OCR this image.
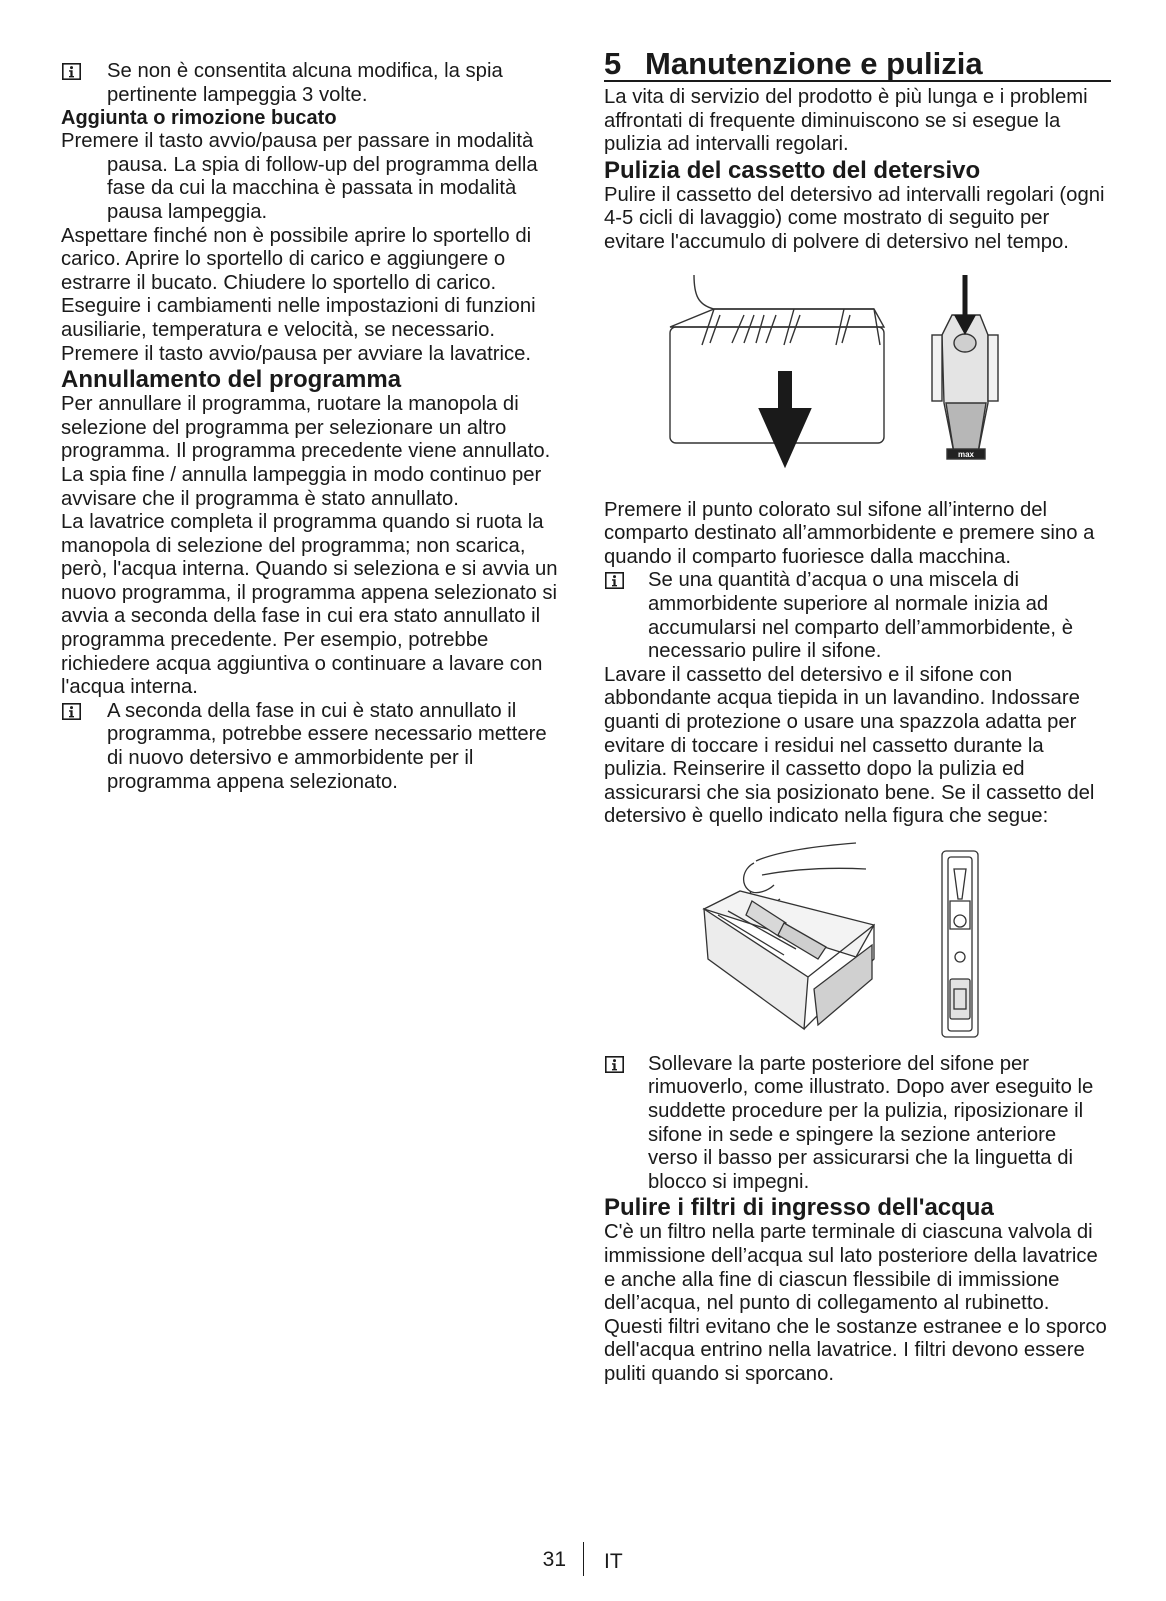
Se non è consentita alcuna modifica, la spia pertinente lampeggia 3 volte.
Aggiunta o rimozione bucato

Premere il tasto avvio/pausa per passare in modalità pausa. La spia di follow-up del programma della fase da cui la macchina è passata in modalità pausa lampeggia.

Aspettare finché non è possibile aprire lo sportello di carico. Aprire lo sportello di carico e aggiungere o estrarre il bucato. Chiudere lo sportello di carico. Eseguire i cambiamenti nelle impostazioni di funzioni ausiliarie, temperatura e velocità, se necessario. Premere il tasto avvio/pausa per avviare la lavatrice.

Annullamento del programma

Per annullare il programma, ruotare la manopola di selezione del programma per selezionare un altro programma. Il programma precedente viene annullato. La spia fine / annulla lampeggia in modo continuo per avvisare che il programma è stato annullato.

La lavatrice completa il programma quando si ruota la manopola di selezione del programma; non scarica, però, l'acqua interna. Quando si seleziona e si avvia un nuovo programma, il programma appena selezionato si avvia a seconda della fase in cui era stato annullato il programma precedente. Per esempio, potrebbe richiedere acqua aggiuntiva o continuare a lavare con l'acqua interna.

A seconda della fase in cui è stato annullato il programma, potrebbe essere necessario mettere di nuovo detersivo e ammorbidente per il programma appena selezionato.
5 Manutenzione e pulizia

La vita di servizio del prodotto è più lunga e i problemi affrontati di frequente diminuiscono se si esegue la pulizia ad intervalli regolari.

Pulizia del cassetto del detersivo

Pulire il cassetto del detersivo ad intervalli regolari (ogni 4-5 cicli di lavaggio) come mostrato di seguito per evitare l'accumulo di polvere di detersivo nel tempo.

max

Premere il punto colorato sul sifone all’interno del comparto destinato all’ammorbidente e premere sino a quando il comparto fuoriesce dalla macchina.

Se una quantità d’acqua o una miscela di ammorbidente superiore al normale inizia ad accumularsi nel comparto dell’ammorbidente, è necessario pulire il sifone.

Lavare il cassetto del detersivo e il sifone con abbondante acqua tiepida in un lavandino. Indossare guanti di protezione o usare una spazzola adatta per evitare di toccare i residui nel cassetto durante la pulizia. Reinserire il cassetto dopo la pulizia ed assicurarsi che sia posizionato bene. Se il cassetto del detersivo è quello indicato nella figura che segue:

Sollevare la parte posteriore del sifone per rimuoverlo, come illustrato. Dopo aver eseguito le suddette procedure per la pulizia, riposizionare il sifone in sede e spingere la sezione anteriore verso il basso per assicurarsi che la linguetta di blocco si impegni.
Pulire i filtri di ingresso dell'acqua

C'è un filtro nella parte terminale di ciascuna valvola di immissione dell’acqua sul lato posteriore della lavatrice e anche alla fine di ciascun flessibile di immissione dell’acqua, nel punto di collegamento al rubinetto. Questi filtri evitano che le sostanze estranee e lo sporco dell'acqua entrino nella lavatrice. I filtri devono essere puliti quando si sporcano.

31 IT
